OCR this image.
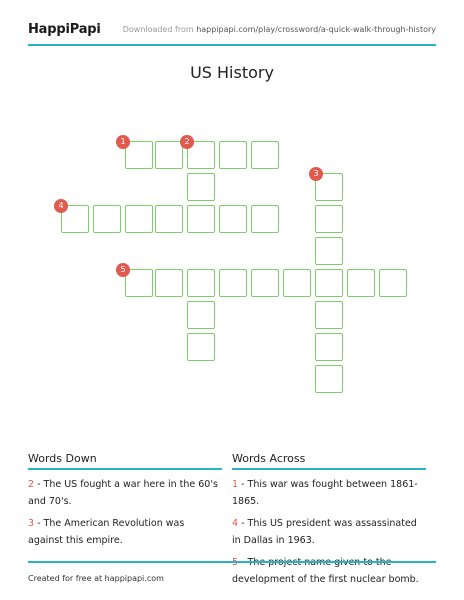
HappiPapi	Downloaded from happipapi.com/play/crossword/a-quick-walk-through-history
US History
1	2
3
4
5
Words Down
2 - The US fought a war here in the 60's and 70's.
3 - The American Revolution was against this empire.
Words Across
1 - This war was fought between 1861-1865.
4 - This US president was assassinated in Dallas in 1963.
development of the first nuclear bomb.
Created for free at happipapi.com
